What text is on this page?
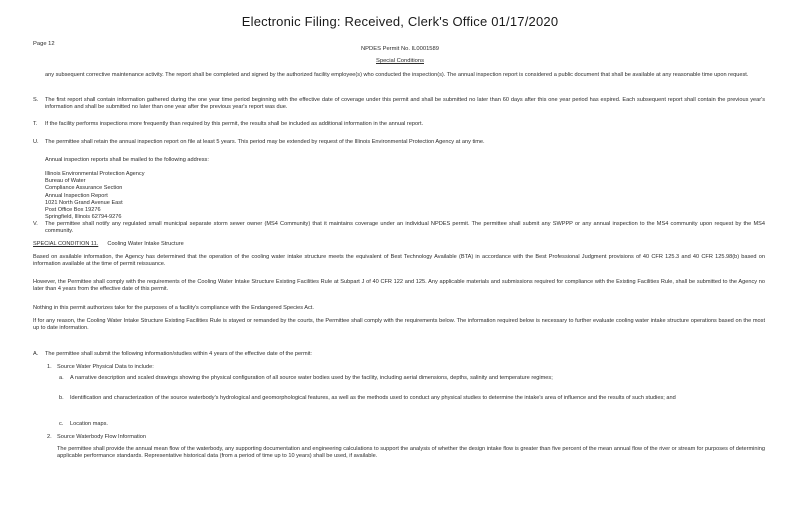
Electronic Filing: Received, Clerk's Office 01/17/2020
Page 12
NPDES Permit No. IL0001589
Special Conditions
any subsequent corrective maintenance activity. The report shall be completed and signed by the authorized facility employee(s) who conducted the inspection(s). The annual inspection report is considered a public document that shall be available at any reasonable time upon request.
S. The first report shall contain information gathered during the one year time period beginning with the effective date of coverage under this permit and shall be submitted no later than 60 days after this one year period has expired. Each subsequent report shall contain the previous year's information and shall be submitted no later than one year after the previous year's report was due.
T. If the facility performs inspections more frequently than required by this permit, the results shall be included as additional information in the annual report.
U. The permittee shall retain the annual inspection report on file at least 5 years. This period may be extended by request of the Illinois Environmental Protection Agency at any time.
Annual inspection reports shall be mailed to the following address:
Illinois Environmental Protection Agency
Bureau of Water
Compliance Assurance Section
Annual Inspection Report
1021 North Grand Avenue East
Post Office Box 19276
Springfield, Illinois 62794-9276
V. The permittee shall notify any regulated small municipal separate storm sewer owner (MS4 Community) that it maintains coverage under an individual NPDES permit. The permittee shall submit any SWPPP or any annual inspection to the MS4 community upon request by the MS4 community.
SPECIAL CONDITION 11. Cooling Water Intake Structure
Based on available information, the Agency has determined that the operation of the cooling water intake structure meets the equivalent of Best Technology Available (BTA) in accordance with the Best Professional Judgment provisions of 40 CFR 125.3 and 40 CFR 125.98(b) based on information available at the time of permit reissuance.
However, the Permittee shall comply with the requirements of the Cooling Water Intake Structure Existing Facilities Rule at Subpart J of 40 CFR 122 and 125. Any applicable materials and submissions required for compliance with the Existing Facilities Rule, shall be submitted to the Agency no later than 4 years from the effective date of this permit.
Nothing in this permit authorizes take for the purposes of a facility's compliance with the Endangered Species Act.
If for any reason, the Cooling Water Intake Structure Existing Facilities Rule is stayed or remanded by the courts, the Permittee shall comply with the requirements below. The information required below is necessary to further evaluate cooling water intake structure operations based on the most up to date information.
A. The permittee shall submit the following information/studies within 4 years of the effective date of the permit:
1. Source Water Physical Data to include:
a. A narrative description and scaled drawings showing the physical configuration of all source water bodies used by the facility, including aerial dimensions, depths, salinity and temperature regimes;
b. Identification and characterization of the source waterbody's hydrological and geomorphological features, as well as the methods used to conduct any physical studies to determine the intake's area of influence and the results of such studies; and
c. Location maps.
2. Source Waterbody Flow Information
The permittee shall provide the annual mean flow of the waterbody, any supporting documentation and engineering calculations to support the analysis of whether the design intake flow is greater than five percent of the mean annual flow of the river or stream for purposes of determining applicable performance standards. Representative historical data (from a period of time up to 10 years) shall be used, if available.
